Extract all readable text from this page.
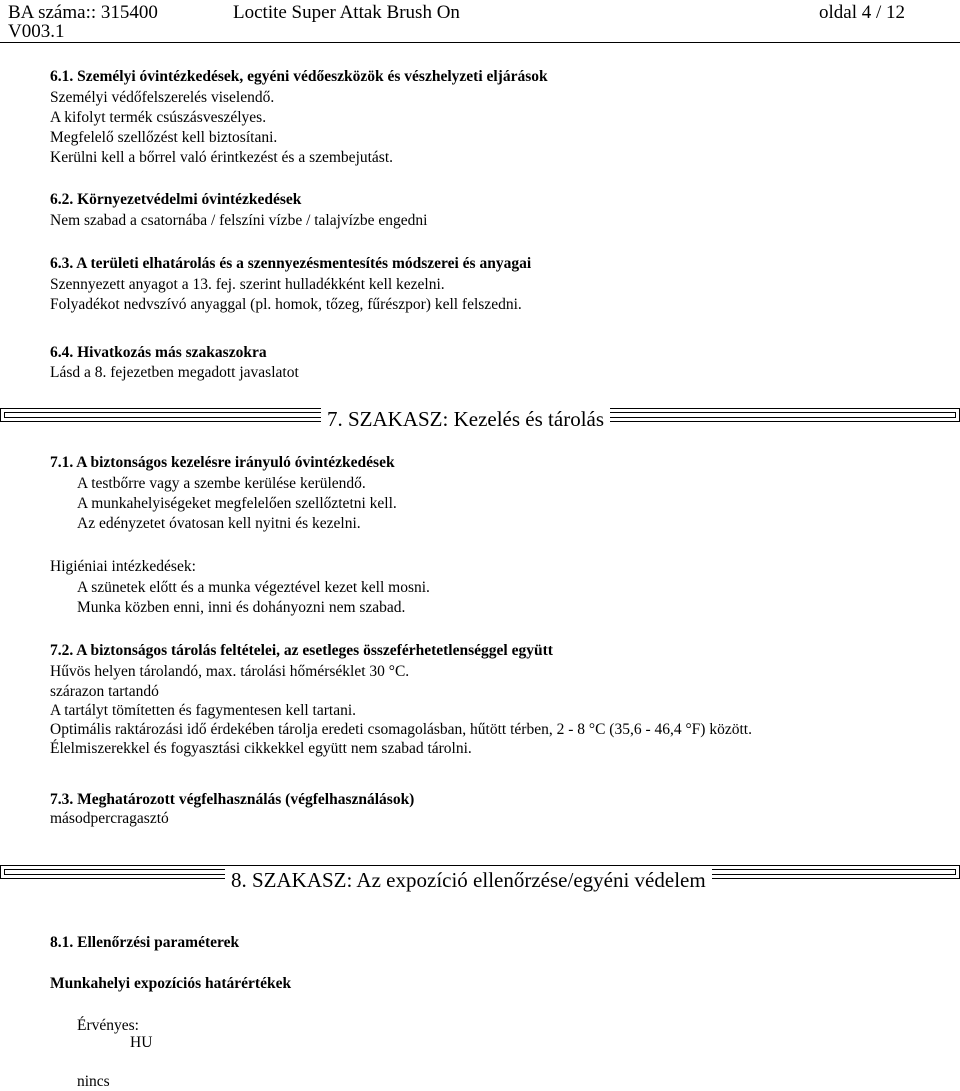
BA száma:: 315400
V003.1
Loctite Super Attak Brush On	oldal 4 / 12
6.1. Személyi óvintézkedések, egyéni védőeszközök és vészhelyzeti eljárások
Személyi védőfelszerelés viselendő.
A kifolyt termék csúszásveszélyes.
Megfelelő szellőzést kell biztosítani.
Kerülni kell a bőrrel való érintkezést és a szembejutást.
6.2. Környezetvédelmi óvintézkedések
Nem szabad a csatornába / felszíni vízbe / talajvízbe engedni
6.3. A területi elhatárolás és a szennyezésmentesítés módszerei és anyagai
Szennyezett anyagot a 13. fej. szerint hulladékként kell kezelni.
Folyadékot nedvszívó anyaggal (pl. homok, tőzeg, fűrészpor) kell felszedni.
6.4. Hivatkozás más szakaszokra
Lásd a 8. fejezetben megadott javaslatot
7. SZAKASZ: Kezelés és tárolás
7.1. A biztonságos kezelésre irányuló óvintézkedések
A testbőrre vagy a szembe kerülése kerülendő.
A munkahelyiségeket megfelelően szellőztetni kell.
Az edényzetet óvatosan kell nyitni és kezelni.
Higiéniai intézkedések:
A szünetek előtt és a munka végeztével kezet kell mosni.
Munka közben enni, inni és dohányozni nem szabad.
7.2. A biztonságos tárolás feltételei, az esetleges összeférhetetlenséggel együtt
Hűvös helyen tárolandó, max. tárolási hőmérséklet 30 °C.
szárazon tartandó
A tartályt tömítetten és fagymentesen kell tartani.
Optimális raktározási idő érdekében tárolja eredeti csomagolásban, hűtött térben, 2 - 8 °C (35,6 - 46,4 °F) között.
Élelmiszerekkel és fogyasztási cikkekkel együtt nem szabad tárolni.
7.3. Meghatározott végfelhasználás (végfelhasználások)
másodpercragasztó
8. SZAKASZ: Az expozíció ellenőrzése/egyéni védelem
8.1. Ellenőrzési paraméterek
Munkahelyi expozíciós határértékek
Érvényes:
HU
nincs
